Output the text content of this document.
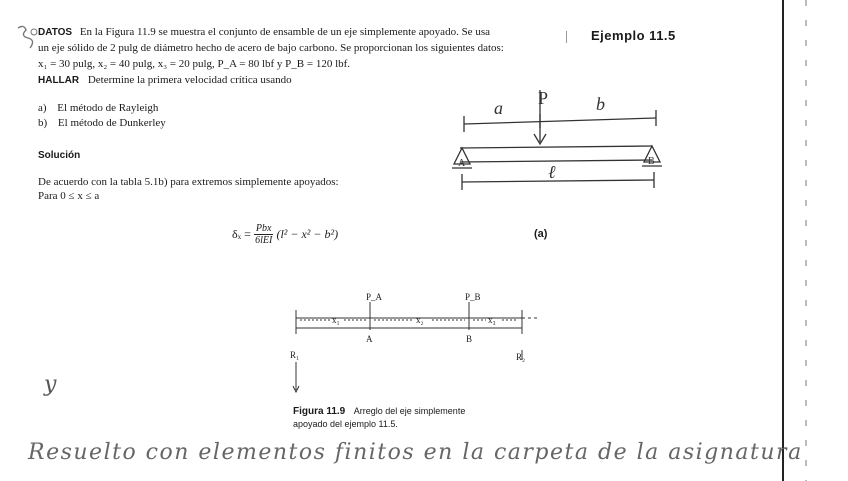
Ejemplo 11.5
DATOS En la Figura 11.9 se muestra el conjunto de ensamble de un eje simplemente apoyado. Se usa
un eje sólido de 2 pulg de diámetro hecho de acero de bajo carbono. Se proporcionan los siguientes datos:
x₁ = 30 pulg, x₂ = 40 pulg, x₃ = 20 pulg, P_A = 80 lbf y P_B = 120 lbf.
HALLAR Determine la primera velocidad crítica usando
a) El método de Rayleigh
b) El método de Dunkerley
Solución
De acuerdo con la tabla 5.1b) para extremos simplemente apoyados:
Para 0 ≤ x ≤ a
δₓ = Pbx
6lEI (l² − x² − b²)
a P	b
A	B
ℓ
(a)
P_A	P_B
x₁	x₂	x₃
A	B
R₁	R₂
Figura 11.9 Arreglo del eje simplemente
apoyado del ejemplo 11.5.
y
Resuelto con elementos finitos en la carpeta de la asignatura
